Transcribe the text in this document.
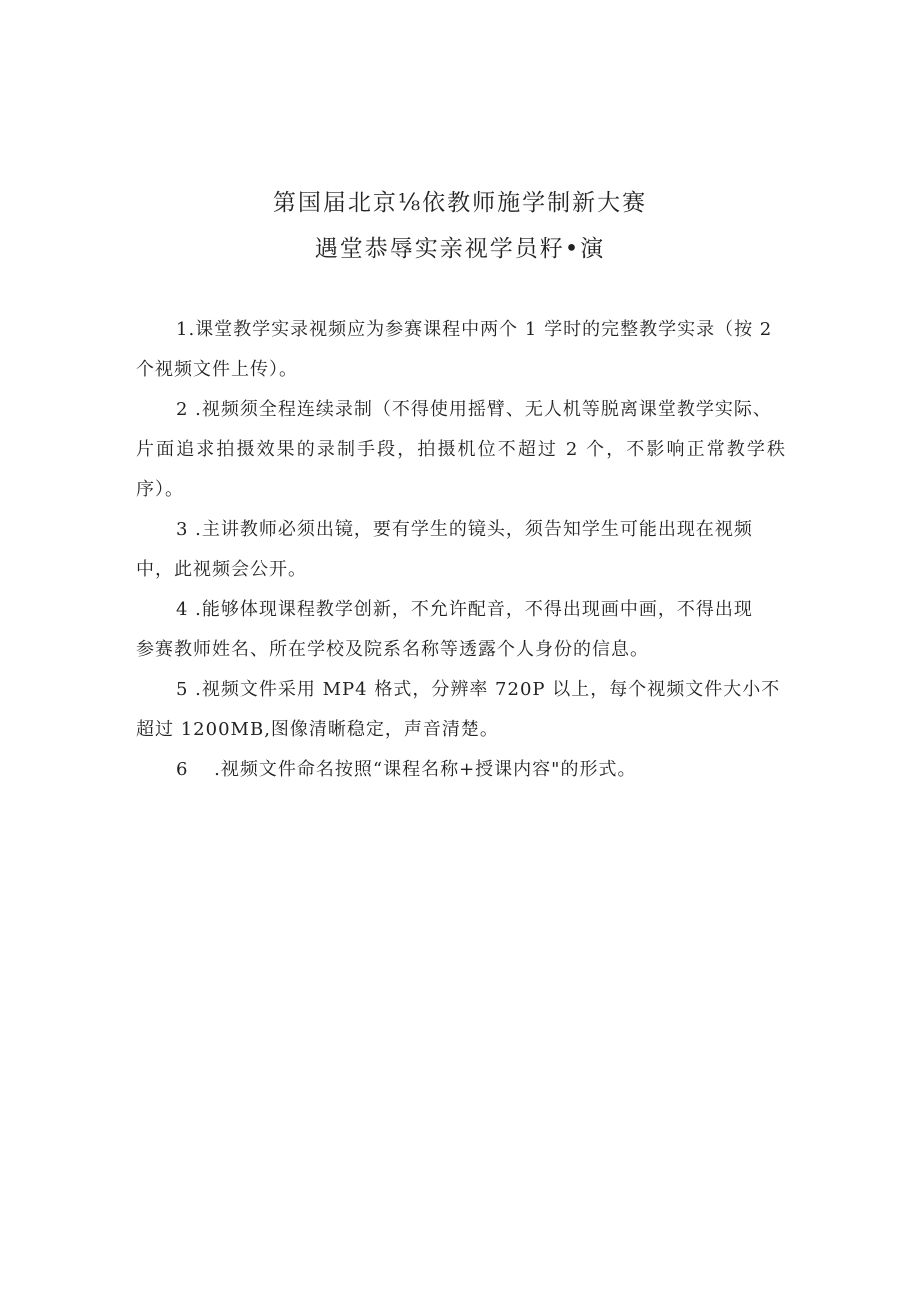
第国届北京⅛依教师施学制新大赛
遇堂恭辱实亲视学员籽•演

1.课堂教学实录视频应为参赛课程中两个 1 学时的完整教学实录（按 2
个视频文件上传）。

2 .视频须全程连续录制（不得使用摇臂、无人机等脱离课堂教学实际、
片面追求拍摄效果的录制手段，拍摄机位不超过 2 个，不影响正常教学秩序）。

3 .主讲教师必须出镜，要有学生的镜头，须告知学生可能出现在视频
中，此视频会公开。

4 .能够体现课程教学创新，不允许配音，不得出现画中画，不得出现
参赛教师姓名、所在学校及院系名称等透露个人身份的信息。

5 .视频文件采用 MP4 格式，分辨率 720P 以上，每个视频文件大小不
超过 1200MB,图像清晰稳定，声音清楚。

6　 .视频文件命名按照“课程名称+授课内容"的形式。
